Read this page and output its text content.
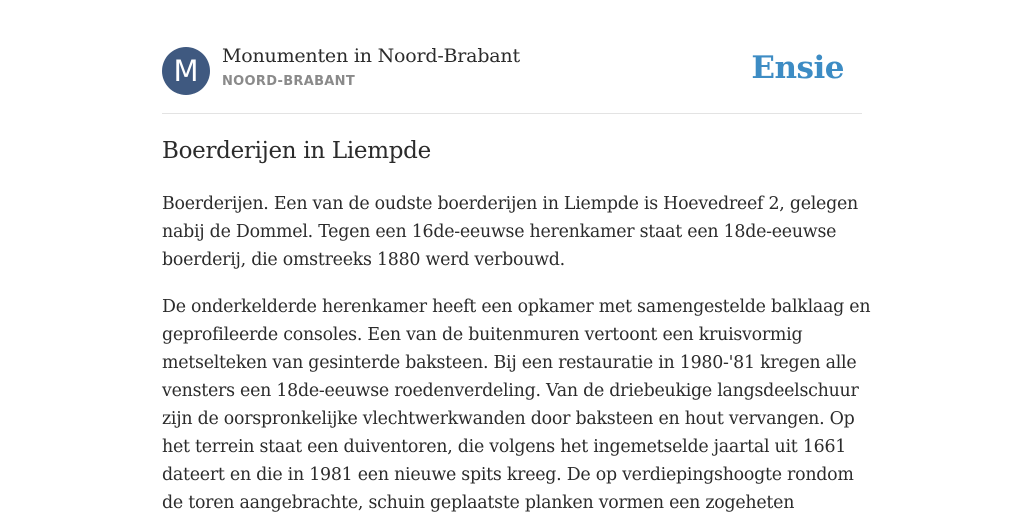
M	Monumenten in Noord-Brabant
NOORD-BRABANT	Ensie
Boerderijen in Liempde

Boerderijen. Een van de oudste boerderijen in Liempde is Hoevedreef 2, gelegen nabij de Dommel. Tegen een 16de-eeuwse herenkamer staat een 18de-eeuwse boerderij, die omstreeks 1880 werd verbouwd.

De onderkelderde herenkamer heeft een opkamer met samengestelde balklaag en geprofileerde consoles. Een van de buitenmuren vertoont een kruisvormig metselteken van gesinterde baksteen. Bij een restauratie in 1980-'81 kregen alle vensters een 18de-eeuwse roedenverdeling. Van de driebeukige langsdeelschuur zijn de oorspronkelijke vlechtwerkwanden door baksteen en hout vervangen. Op het terrein staat een duiventoren, die volgens het ingemetselde jaartal uit 1661 dateert en die in 1981 een nieuwe spits kreeg. De op verdiepingshoogte rondom de toren aangebrachte, schuin geplaatste planken vormen een zogeheten
